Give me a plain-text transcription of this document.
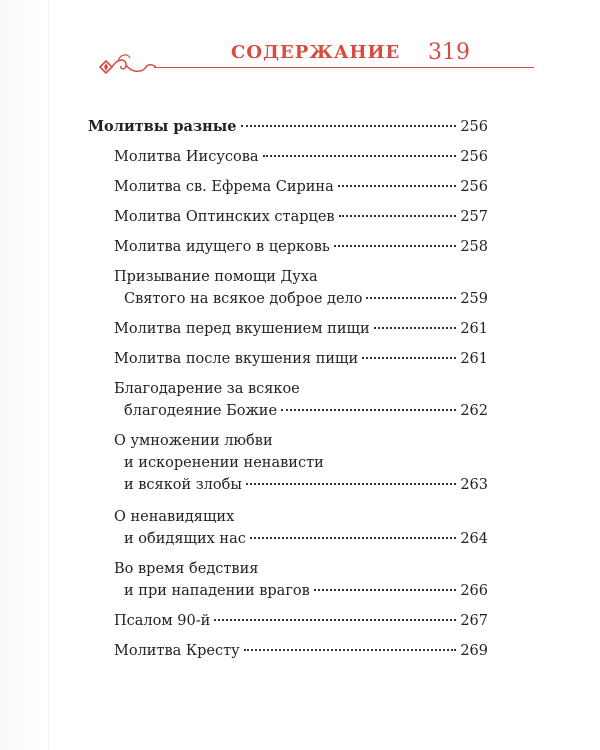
СОДЕРЖАНИЕ 319
Молитвы разные	256
Молитва Иисусова	256
Молитва св. Ефрема Сирина	256
Молитва Оптинских старцев	257
Молитва идущего в церковь	258
Призывание помощи Духа
Святого на всякое доброе дело	259
Молитва перед вкушением пищи	261
Молитва после вкушения пищи	261
Благодарение за всякое
благодеяние Божие	262
О умножении любви
и искоренении ненависти
и всякой злобы	263
О ненавидящих
и обидящих нас	264
Во время бедствия
и при нападении врагов	266
Псалом 90-й	267
Молитва Кресту	269
